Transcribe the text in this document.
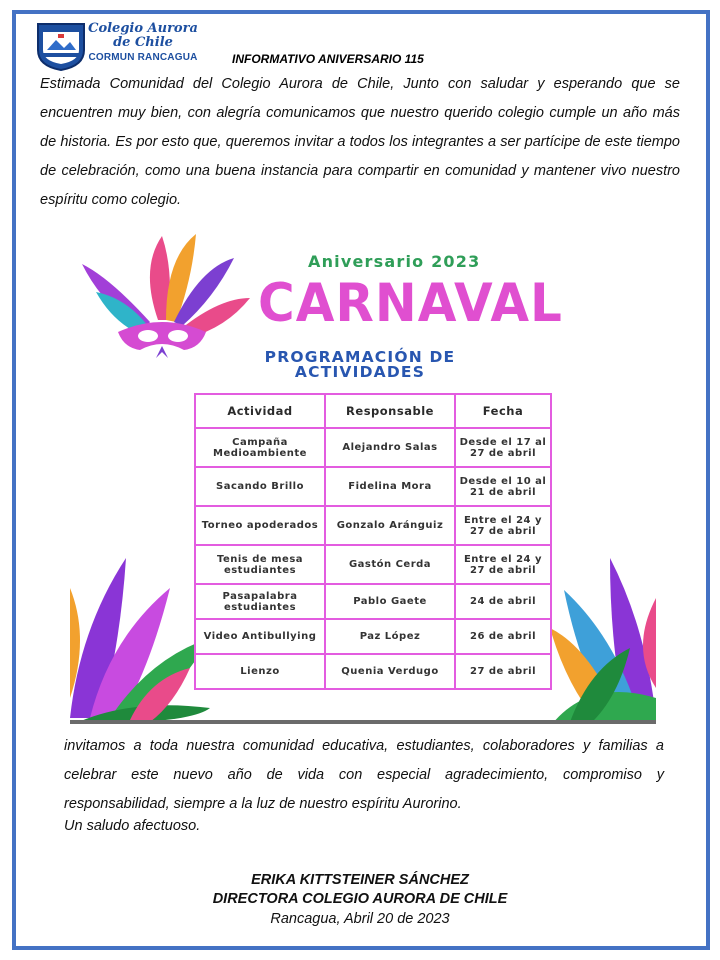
Colegio Aurora
de Chile
CORMUN RANCAGUA	INFORMATIVO ANIVERSARIO 115
Estimada Comunidad del Colegio Aurora de Chile, Junto con saludar y esperando que se encuentren muy bien, con alegría comunicamos que nuestro querido colegio cumple un año más de historia. Es por esto que, queremos invitar a todos los integrantes a ser partícipe de este tiempo de celebración, como una buena instancia para compartir en comunidad y mantener vivo nuestro espíritu como colegio.
Aniversario 2023
CARNAVAL
PROGRAMACIÓN DE
ACTIVIDADES
Actividad	Responsable	Fecha
Campaña Medioambiente	Alejandro Salas	Desde el 17 al 27 de abril
Sacando Brillo	Fidelina Mora	Desde el 10 al 21 de abril
Torneo apoderados	Gonzalo Aránguiz	Entre el 24 y 27 de abril
Tenis de mesa estudiantes	Gastón Cerda	Entre el 24 y 27 de abril
Pasapalabra estudiantes	Pablo Gaete	24 de abril
Video Antibullying	Paz López	26 de abril
Lienzo	Quenia Verdugo	27 de abril
invitamos a toda nuestra comunidad educativa, estudiantes, colaboradores y familias a celebrar este nuevo año de vida con especial agradecimiento, compromiso y responsabilidad, siempre a la luz de nuestro espíritu Aurorino.
Un saludo afectuoso.
ERIKA KITTSTEINER SÁNCHEZ
DIRECTORA COLEGIO AURORA DE CHILE
Rancagua, Abril 20 de 2023
